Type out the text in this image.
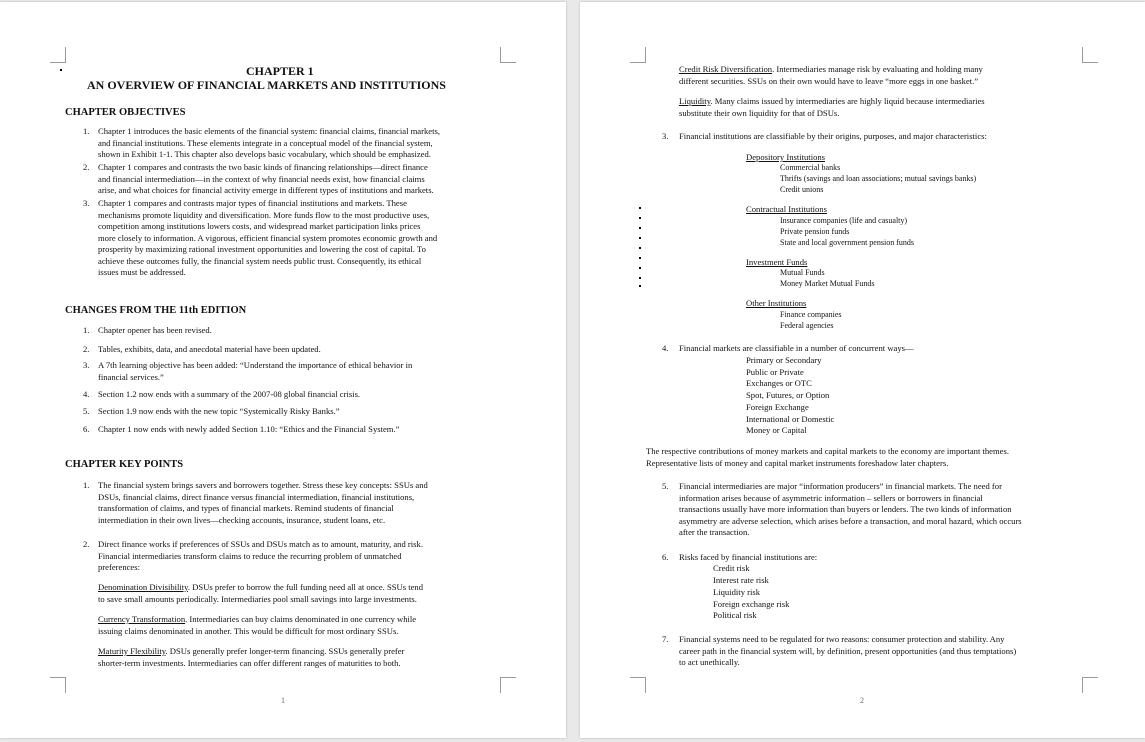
CHAPTER 1
AN OVERVIEW OF FINANCIAL MARKETS AND INSTITUTIONS
CHAPTER OBJECTIVES
1. Chapter 1 introduces the basic elements of the financial system: financial claims, financial markets,
and financial institutions. These elements integrate in a conceptual model of the financial system,
shown in Exhibit 1-1. This chapter also develops basic vocabulary, which should be emphasized.
2. Chapter 1 compares and contrasts the two basic kinds of financing relationships—direct finance
and financial intermediation—in the context of why financial needs exist, how financial claims
arise, and what choices for financial activity emerge in different types of institutions and markets.
3. Chapter 1 compares and contrasts major types of financial institutions and markets. These
mechanisms promote liquidity and diversification. More funds flow to the most productive uses,
competition among institutions lowers costs, and widespread market participation links prices
more closely to information. A vigorous, efficient financial system promotes economic growth and
prosperity by maximizing rational investment opportunities and lowering the cost of capital. To
achieve these outcomes fully, the financial system needs public trust. Consequently, its ethical
issues must be addressed.
CHANGES FROM THE 11th EDITION
1. Chapter opener has been revised.
2. Tables, exhibits, data, and anecdotal material have been updated.
3. A 7th learning objective has been added: “Understand the importance of ethical behavior in
financial services.”
4. Section 1.2 now ends with a summary of the 2007-08 global financial crisis.
5. Section 1.9 now ends with the new topic “Systemically Risky Banks.”
6. Chapter 1 now ends with newly added Section 1.10: “Ethics and the Financial System.”
CHAPTER KEY POINTS
1. The financial system brings savers and borrowers together. Stress these key concepts: SSUs and
DSUs, financial claims, direct finance versus financial intermediation, financial institutions,
transformation of claims, and types of financial markets. Remind students of financial
intermediation in their own lives—checking accounts, insurance, student loans, etc.
2. Direct finance works if preferences of SSUs and DSUs match as to amount, maturity, and risk.
Financial intermediaries transform claims to reduce the recurring problem of unmatched
preferences:
Denomination Divisibility. DSUs prefer to borrow the full funding need all at once. SSUs tend
to save small amounts periodically. Intermediaries pool small savings into large investments.
Currency Transformation. Intermediaries can buy claims denominated in one currency while
issuing claims denominated in another. This would be difficult for most ordinary SSUs.
Maturity Flexibility. DSUs generally prefer longer-term financing. SSUs generally prefer
shorter-term investments. Intermediaries can offer different ranges of maturities to both.
1
Credit Risk Diversification. Intermediaries manage risk by evaluating and holding many
different securities. SSUs on their own would have to leave “more eggs in one basket.”
Liquidity. Many claims issued by intermediaries are highly liquid because intermediaries
substitute their own liquidity for that of DSUs.
3. Financial institutions are classifiable by their origins, purposes, and major characteristics:
Depository Institutions
Commercial banks
Thrifts (savings and loan associations; mutual savings banks)
Credit unions
Contractual Institutions
Insurance companies (life and casualty)
Private pension funds
State and local government pension funds
Investment Funds
Mutual Funds
Money Market Mutual Funds
Other Institutions
Finance companies
Federal agencies
4. Financial markets are classifiable in a number of concurrent ways—
Primary or Secondary
Public or Private
Exchanges or OTC
Spot, Futures, or Option
Foreign Exchange
International or Domestic
Money or Capital
The respective contributions of money markets and capital markets to the economy are important themes.
Representative lists of money and capital market instruments foreshadow later chapters.
5. Financial intermediaries are major “information producers” in financial markets. The need for
information arises because of asymmetric information – sellers or borrowers in financial
transactions usually have more information than buyers or lenders. The two kinds of information
asymmetry are adverse selection, which arises before a transaction, and moral hazard, which occurs
after the transaction.
6. Risks faced by financial institutions are:
Credit risk
Interest rate risk
Liquidity risk
Foreign exchange risk
Political risk
7. Financial systems need to be regulated for two reasons: consumer protection and stability. Any
career path in the financial system will, by definition, present opportunities (and thus temptations)
to act unethically.
2
